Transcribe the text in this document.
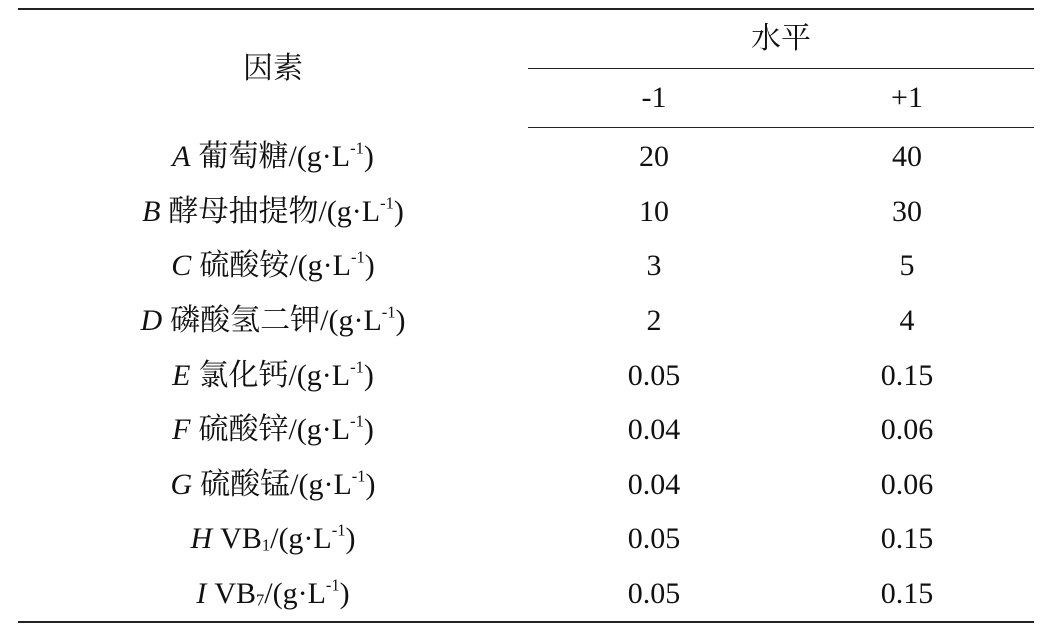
因素	水平	
	-1	+1
A 葡萄糖$/(g\cdot L^{-1})$	20	40
B 酵母抽提物$/(g\cdot L^{-1})$	10	30
C 硫酸铵$/(g\cdot L^{-1})$	3	5
D 磷酸氢二钾$/(g\cdot L^{-1})$	2	4
E 氯化钙$/(g\cdot L^{-1})$	0.05	0.15
F 硫酸锌$/(g\cdot L^{-1})$	0.04	0.06
G 硫酸锰$/(g\cdot L^{-1})$	0.04	0.06
H $VB_1/(g\cdot L^{-1})$	0.05	0.15
I $VB_7/(g\cdot L^{-1})$	0.05	0.15
